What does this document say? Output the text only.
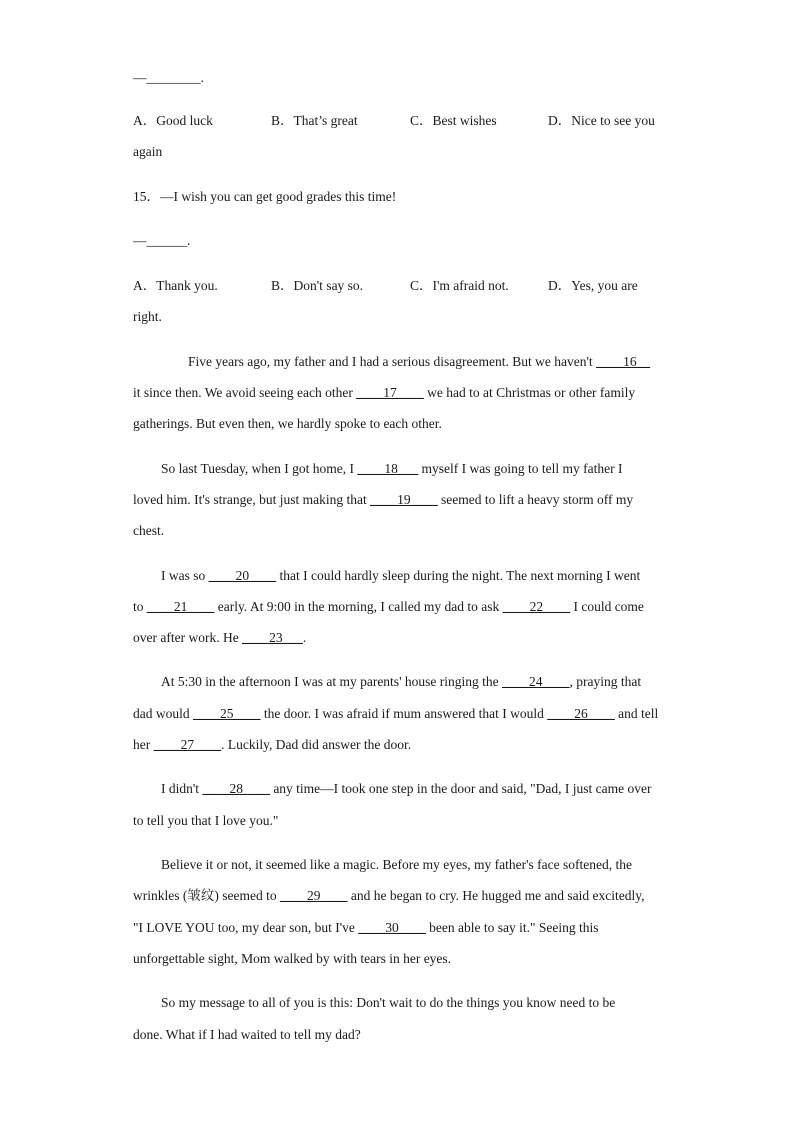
—________.
A．Good luck	B．That’s great	C．Best wishes	D．Nice to see you
again
15．—I wish you can get good grades this time!
—______.
A．Thank you.	B．Don't say so.	C．I'm afraid not.	D．Yes, you are
right.
Five years ago, my father and I had a serious disagreement. But we haven't ____16__
it since then. We avoid seeing each other ____17____ we had to at Christmas or other family
gatherings. But even then, we hardly spoke to each other.
So last Tuesday, when I got home, I ____18___ myself I was going to tell my father I
loved him. It's strange, but just making that ____19____ seemed to lift a heavy storm off my
chest.
I was so ____20____ that I could hardly sleep during the night. The next morning I went
to ____21____ early. At 9:00 in the morning, I called my dad to ask ____22____ I could come
over after work. He ____23___.
At 5:30 in the afternoon I was at my parents' house ringing the ____24____, praying that
dad would ____25____ the door. I was afraid if mum answered that I would ____26____ and tell
her ____27____. Luckily, Dad did answer the door.
I didn't ____28____ any time—I took one step in the door and said, "Dad, I just came over
to tell you that I love you."
Believe it or not, it seemed like a magic. Before my eyes, my father's face softened, the
wrinkles (皱纹) seemed to ____29____ and he began to cry. He hugged me and said excitedly,
"I LOVE YOU too, my dear son, but I've ____30____ been able to say it." Seeing this
unforgettable sight, Mom walked by with tears in her eyes.
So my message to all of you is this: Don't wait to do the things you know need to be
done. What if I had waited to tell my dad?
